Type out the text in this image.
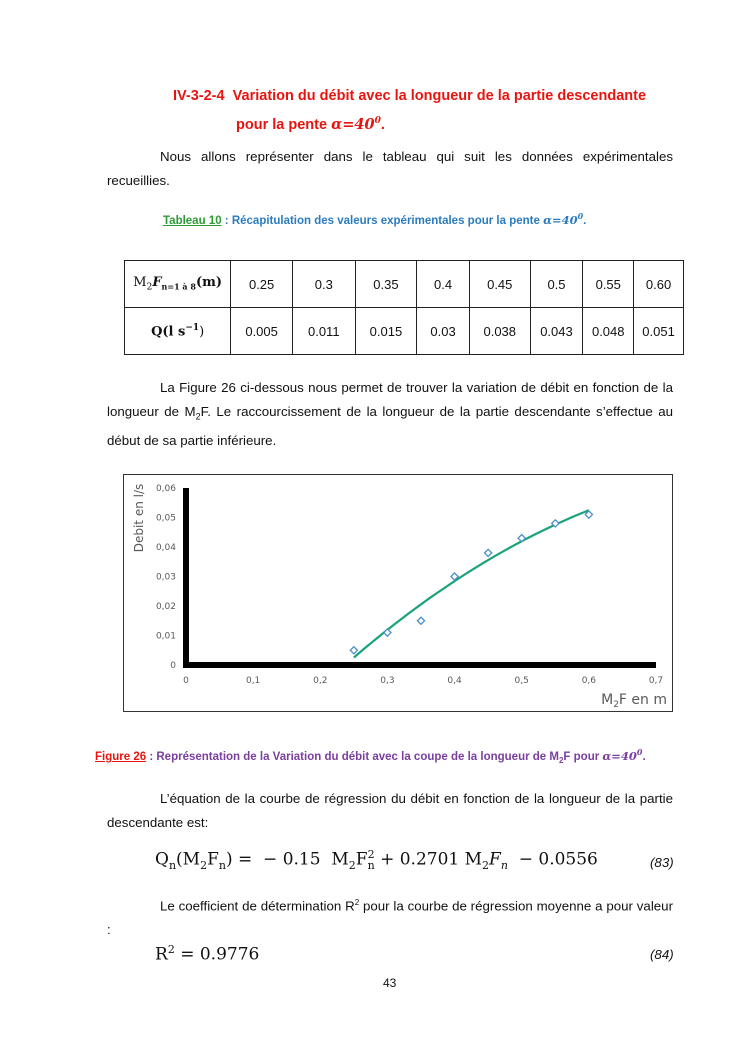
IV-3-2-4 Variation du débit avec la longueur de la partie descendante
pour la pente $\alpha=40^0$.
Nous allons représenter dans le tableau qui suit les données expérimentales recueillies.
Tableau 10 : Récapitulation des valeurs expérimentales pour la pente $\alpha=40^0$.
$M_2F_{n=1 à 8}(m)$	0.25	0.3	0.35	0.4	0.45	0.5	0.55	0.60
Q(l $s^{-1}$)	0.005	0.011	0.015	0.03	0.038	0.043	0.048	0.051
La Figure 26 ci-dessous nous permet de trouver la variation de débit en fonction de la longueur de $M_2F$. Le raccourcissement de la longueur de la partie descendante s’effectue au début de sa partie inférieure.
0	0,1	0,2	0,3	0,4	0,5	0,6	0,7
0
0,01
0,02
0,03
0,04
0,05
0,06
Debit en l/s
$M_2F$ en m
Figure 26 : Représentation de la Variation du débit avec la coupe de la longueur de $M_2F$ pour $\alpha=40^0$.
L’équation de la courbe de régression du débit en fonction de la longueur de la partie descendante est:
$Q_n(M_2F_n)$ =  − 0.15  $M_2F$ 2
n + 0.2701 $M_2F_n - 0.0556$	(83)
Le coefficient de détermination $R^2$ pour la courbe de régression moyenne a pour valeur :
$R^2 = 0.9776$	(84)
43
